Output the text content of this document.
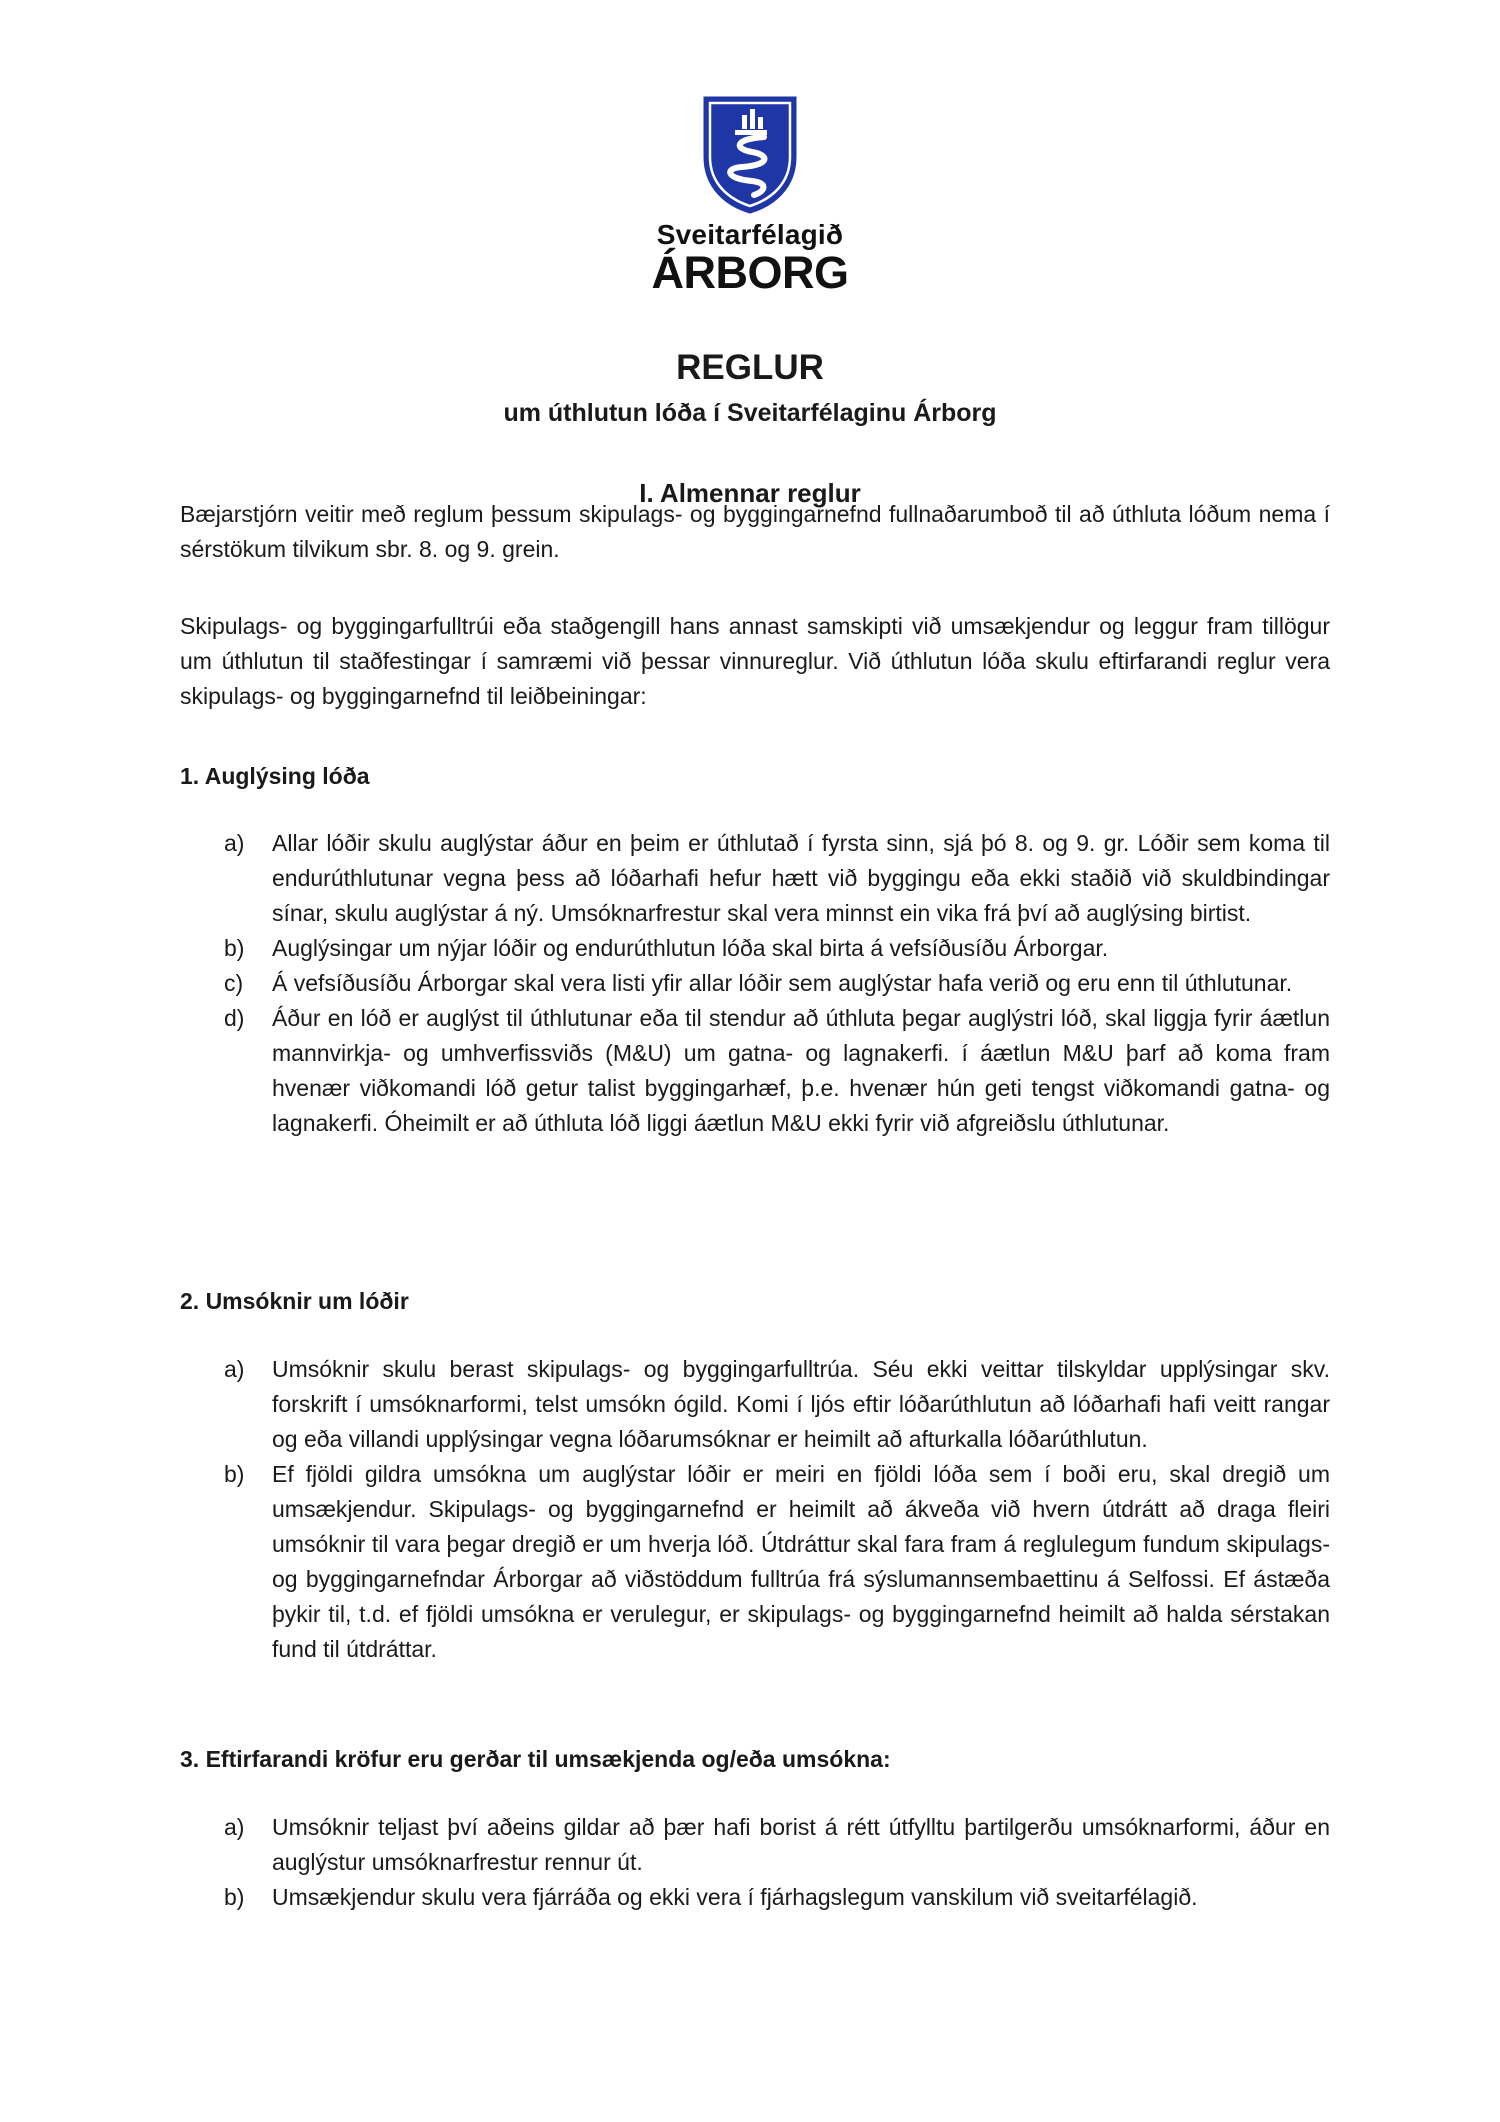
Sveitarfélagið
ÁRBORG
REGLUR
um úthlutun lóða í Sveitarfélaginu Árborg
I. Almennar reglur

Bæjarstjórn veitir með reglum þessum skipulags- og byggingarnefnd fullnaðarumboð til að úthluta lóðum nema í sérstökum tilvikum sbr. 8. og 9. grein.

Skipulags- og byggingarfulltrúi eða staðgengill hans annast samskipti við umsækjendur og leggur fram tillögur um úthlutun til staðfestingar í samræmi við þessar vinnureglur. Við úthlutun lóða skulu eftirfarandi reglur vera skipulags- og byggingarnefnd til leiðbeiningar:

1. Auglýsing lóða
a) Allar lóðir skulu auglýstar áður en þeim er úthlutað í fyrsta sinn, sjá þó 8. og 9. gr. Lóðir sem koma til endurúthlutunar vegna þess að lóðarhafi hefur hætt við byggingu eða ekki staðið við skuldbindingar sínar, skulu auglýstar á ný. Umsóknarfrestur skal vera minnst ein vika frá því að auglýsing birtist.
b) Auglýsingar um nýjar lóðir og endurúthlutun lóða skal birta á vefsíðusíðu Árborgar.
c) Á vefsíðusíðu Árborgar skal vera listi yfir allar lóðir sem auglýstar hafa verið og eru enn til úthlutunar.
d) Áður en lóð er auglýst til úthlutunar eða til stendur að úthluta þegar auglýstri lóð, skal liggja fyrir áætlun mannvirkja- og umhverfissviðs (M&U) um gatna- og lagnakerfi. í áætlun M&U þarf að koma fram hvenær viðkomandi lóð getur talist byggingarhæf, þ.e. hvenær hún geti tengst viðkomandi gatna- og lagnakerfi. Óheimilt er að úthluta lóð liggi áætlun M&U ekki fyrir við afgreiðslu úthlutunar.
2. Umsóknir um lóðir
a) Umsóknir skulu berast skipulags- og byggingarfulltrúa. Séu ekki veittar tilskyldar upplýsingar skv. forskrift í umsóknarformi, telst umsókn ógild. Komi í ljós eftir lóðarúthlutun að lóðarhafi hafi veitt rangar og eða villandi upplýsingar vegna lóðarumsóknar er heimilt að afturkalla lóðarúthlutun.
b) Ef fjöldi gildra umsókna um auglýstar lóðir er meiri en fjöldi lóða sem í boði eru, skal dregið um umsækjendur. Skipulags- og byggingarnefnd er heimilt að ákveða við hvern útdrátt að draga fleiri umsóknir til vara þegar dregið er um hverja lóð. Útdráttur skal fara fram á reglulegum fundum skipulags- og byggingarnefndar Árborgar að viðstöddum fulltrúa frá sýslumannsembaettinu á Selfossi. Ef ástæða þykir til, t.d. ef fjöldi umsókna er verulegur, er skipulags- og byggingarnefnd heimilt að halda sérstakan fund til útdráttar.
3. Eftirfarandi kröfur eru gerðar til umsækjenda og/eða umsókna:
a) Umsóknir teljast því aðeins gildar að þær hafi borist á rétt útfylltu þartilgerðu umsóknarformi, áður en auglýstur umsóknarfrestur rennur út.
b) Umsækjendur skulu vera fjárráða og ekki vera í fjárhagslegum vanskilum við sveitarfélagið.
